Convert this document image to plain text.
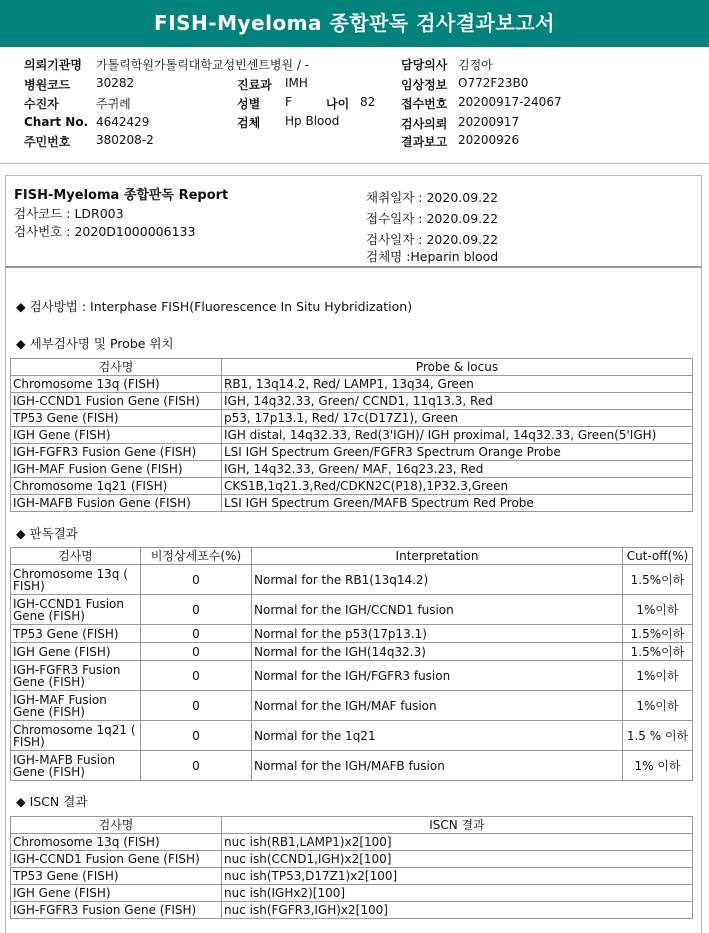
FISH-Myeloma 종합판독 검사결과보고서
의뢰기관명 가톨릭학원가톨릭대학교성빈센트병원 / -
병원코드 30282
수진자	주귀례
Chart No. 4642429
주민번호 380208-2
진료과 IMH
성별 F	나이 82
검체 Hp Blood
담당의사 김정아
임상정보 O772F23B0
접수번호 20200917-24067
검사의뢰 20200917
결과보고 20200926
FISH-Myeloma 종합판독 Report
검사코드 : LDR003
검사번호 : 2020D1000006133
채취일자 : 2020.09.22
접수일자 : 2020.09.22
검사일자 : 2020.09.22
검체명 :Heparin blood
◆ 검사방법 : Interphase FISH(Fluorescence In Situ Hybridization)
◆ 세부검사명 및 Probe 위치
검사명	Probe & locus
Chromosome 13q (FISH)	RB1, 13q14.2, Red/ LAMP1, 13q34, Green
IGH-CCND1 Fusion Gene (FISH)	IGH, 14q32.33, Green/ CCND1, 11q13.3, Red
TP53 Gene (FISH)	p53, 17p13.1, Red/ 17c(D17Z1), Green
IGH Gene (FISH)	IGH distal, 14q32.33, Red(3'IGH)/ IGH proximal, 14q32.33, Green(5'IGH)
IGH-FGFR3 Fusion Gene (FISH)	LSI IGH Spectrum Green/FGFR3 Spectrum Orange Probe
IGH-MAF Fusion Gene (FISH)	IGH, 14q32.33, Green/ MAF, 16q23.23, Red
Chromosome 1q21 (FISH)	CKS1B,1q21.3,Red/CDKN2C(P18),1P32.3,Green
IGH-MAFB Fusion Gene (FISH)	LSI IGH Spectrum Green/MAFB Spectrum Red Probe
◆ 판독결과
검사명	비정상세포수(%)	Interpretation	Cut-off(%)
Chromosome 13q ( FISH)	0	Normal for the RB1(13q14.2)	1.5%이하
IGH-CCND1 Fusion Gene (FISH)	0	Normal for the IGH/CCND1 fusion	1%이하
TP53 Gene (FISH)	0	Normal for the p53(17p13.1)	1.5%이하
IGH Gene (FISH)	0	Normal for the IGH(14q32.3)	1.5%이하
IGH-FGFR3 Fusion Gene (FISH)	0	Normal for the IGH/FGFR3 fusion	1%이하
IGH-MAF Fusion Gene (FISH)	0	Normal for the IGH/MAF fusion	1%이하
Chromosome 1q21 ( FISH)	0	Normal for the 1q21	1.5 % 이하
IGH-MAFB Fusion Gene (FISH)	0	Normal for the IGH/MAFB fusion	1% 이하
◆ ISCN 결과
검사명	ISCN 결과
Chromosome 13q (FISH)	nuc ish(RB1,LAMP1)x2[100]
IGH-CCND1 Fusion Gene (FISH)	nuc ish(CCND1,IGH)x2[100]
TP53 Gene (FISH)	nuc ish(TP53,D17Z1)x2[100]
IGH Gene (FISH)	nuc ish(IGHx2)[100]
IGH-FGFR3 Fusion Gene (FISH)	nuc ish(FGFR3,IGH)x2[100]
